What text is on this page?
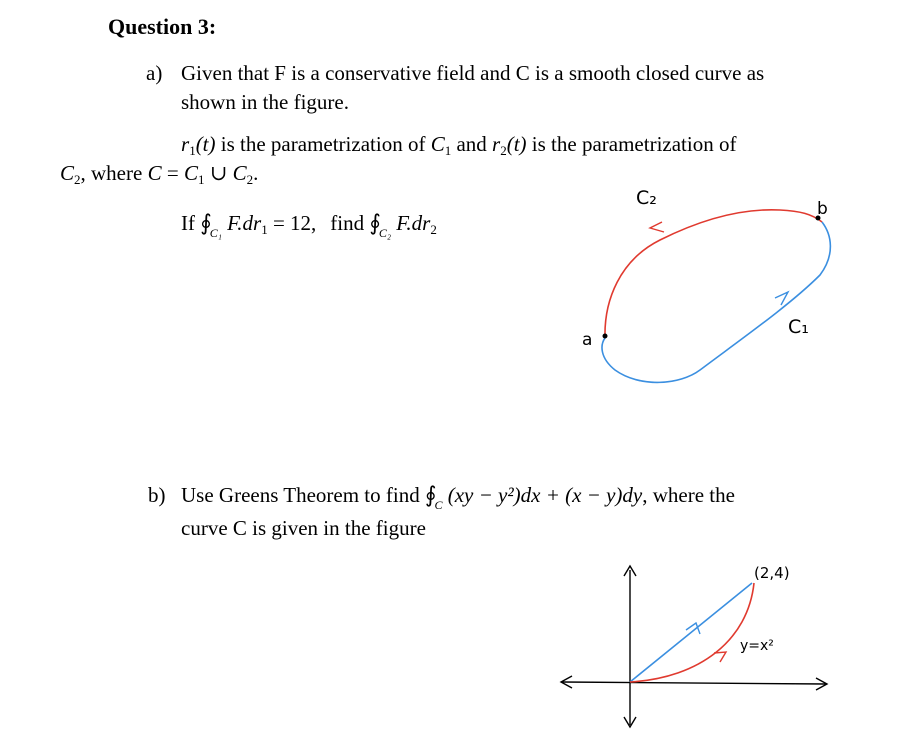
Question 3:
a) Given that F is a conservative field and C is a smooth closed curve as
shown in the figure.
$r_1(t)$ is the parametrization of $C_1$ and $r_2(t)$ is the parametrization of
$C_2$, where $C = C_1$ ∪ $C_2$.
If $∮_{C_1}$ $F.dr_1 = 12$, find $∮_{C_2}$ $F.dr_2$
C₂
C₁
a
b
b) Use Greens Theorem to find $∮_C$ (xy − y²)dx + (x − y)dy, where the
curve C is given in the figure
(2,4)
y=x²
